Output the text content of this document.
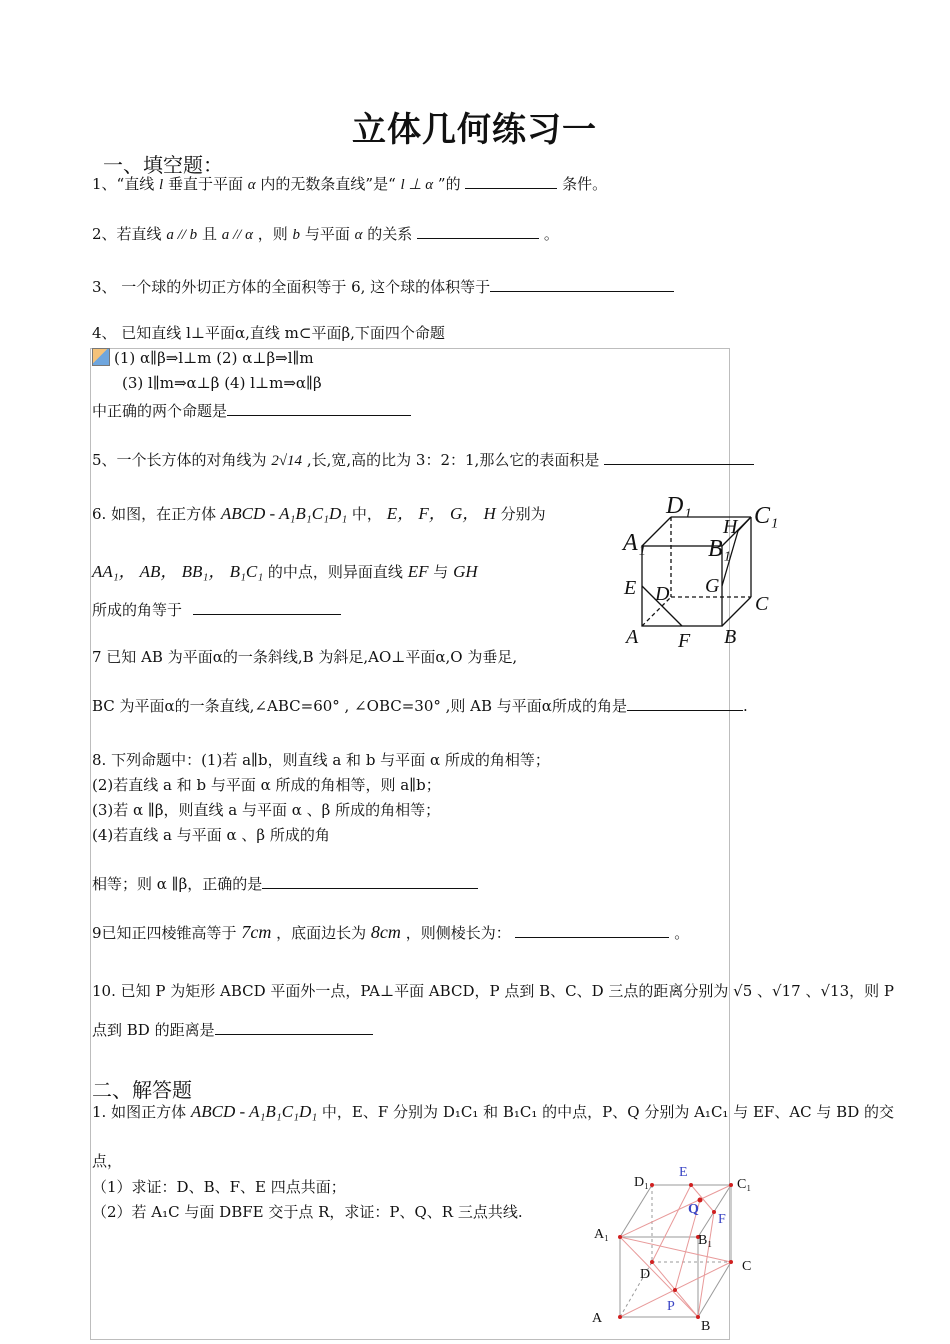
立体几何练习一
一、填空题：
1、“直线 l 垂直于平面 α 内的无数条直线”是“ l ⊥ α ”的	条件。
2、若直线 a // b 且 a // α ，则 b 与平面 α 的关系	。
3、 一个球的外切正方体的全面积等于 6, 这个球的体积等于
4、 已知直线 l⊥平面α,直线 m⊂平面β,下面四个命题
(1) α∥β⇒l⊥m (2) α⊥β⇒l∥m
(3) l∥m⇒α⊥β (4) l⊥m⇒α∥β
中正确的两个命题是
5、一个长方体的对角线为 2√14 ,长,宽,高的比为 3：2：1,那么它的表面积是
6. 如图，在正方体 ABCD - A₁B₁C₁D₁ 中， E， F， G， H 分别为
AA₁， AB， BB₁， B₁C₁ 的中点，则异面直线 EF 与 GH
所成的角等于
D₁	C₁
A₁	B₁
H
E	G
D	C
A F B
7 已知 AB 为平面α的一条斜线,B 为斜足,AO⊥平面α,O 为垂足,
BC 为平面α的一条直线,∠ABC=60° , ∠OBC=30° ,则 AB 与平面α所成的角是	.
8. 下列命题中：(1)若 a∥b，则直线 a 和 b 与平面 α 所成的角相等；
(2)若直线 a 和 b 与平面 α 所成的角相等，则 a∥b；
(3)若 α ∥β，则直线 a 与平面 α 、β 所成的角相等；
(4)若直线 a 与平面 α 、β 所成的角
相等；则 α ∥β，正确的是
9已知正四棱锥高等于 7cm ，底面边长为 8cm ，则侧棱长为：	。
10. 已知 P 为矩形 ABCD 平面外一点，PA⊥平面 ABCD，P 点到 B、C、D 三点的距离分别为 √5 、√17 、√13，则 P
点到 BD 的距离是
二、解答题
1. 如图正方体 ABCD - A₁B₁C₁D₁ 中，E、F 分别为 D₁C₁ 和 B₁C₁ 的中点，P、Q 分别为 A₁C₁ 与 EF、AC 与 BD 的交
点，
（1）求证：D、B、F、E 四点共面；
（2）若 A₁C 与面 DBFE 交于点 R，求证：P、Q、R 三点共线.
D₁
E
C₁
Q
F
A₁	B₁
D
C
P
A
B
